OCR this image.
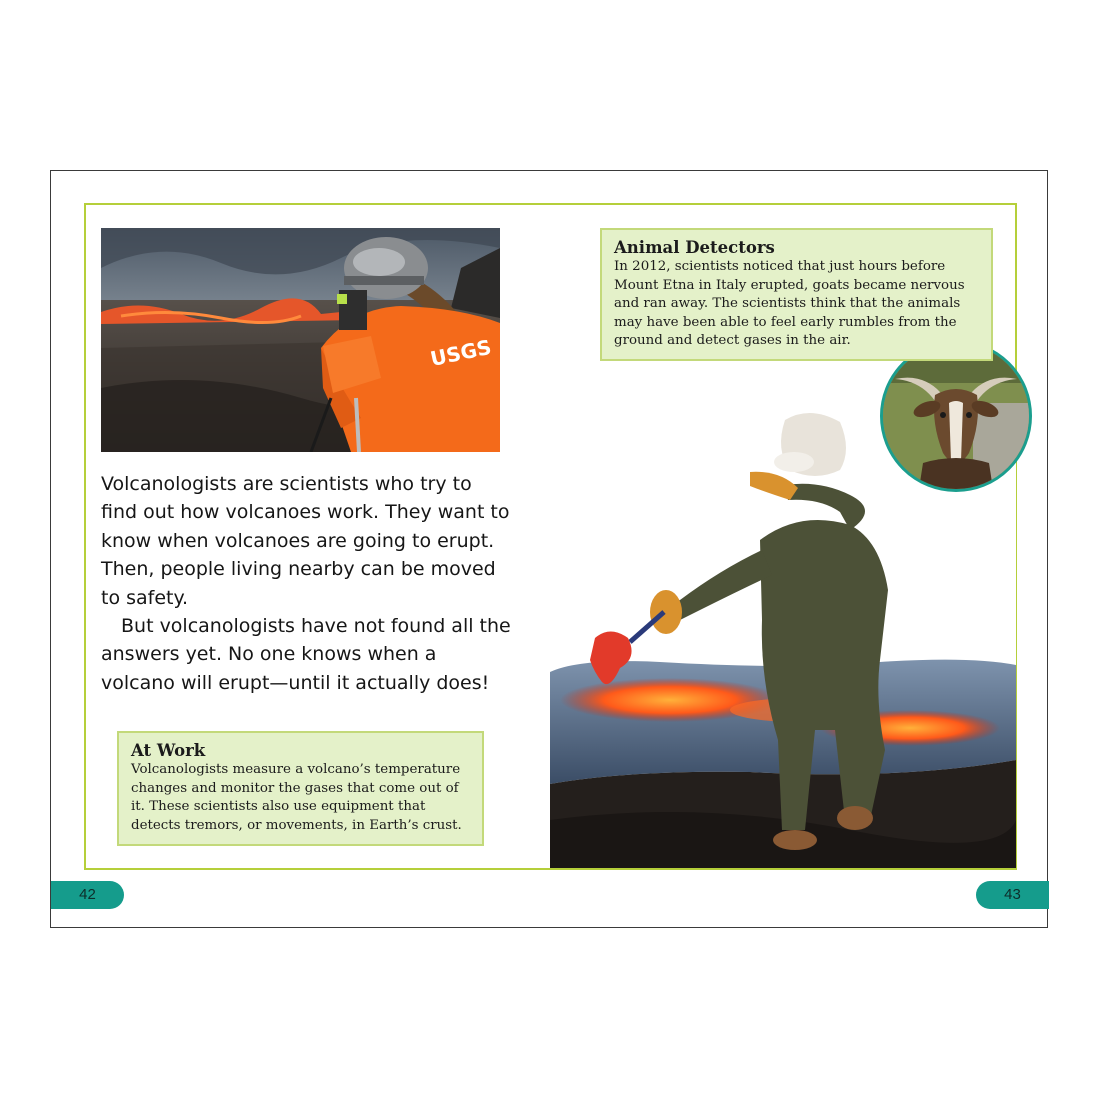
USGS

Volcanologists are scientists who try to find out how volcanoes work. They want to know when volcanoes are going to erupt. Then, people living nearby can be moved to safety.

But volcanologists have not found all the answers yet. No one knows when a volcano will erupt—until it actually does!

Animal Detectors

In 2012, scientists noticed that just hours before Mount Etna in Italy erupted, goats became nervous and ran away. The scientists think that the animals may have been able to feel early rumbles from the ground and detect gases in the air.

At Work

Volcanologists measure a volcano’s temperature changes and monitor the gases that come out of it. These scientists also use equipment that detects tremors, or movements, in Earth’s crust.

42	43
